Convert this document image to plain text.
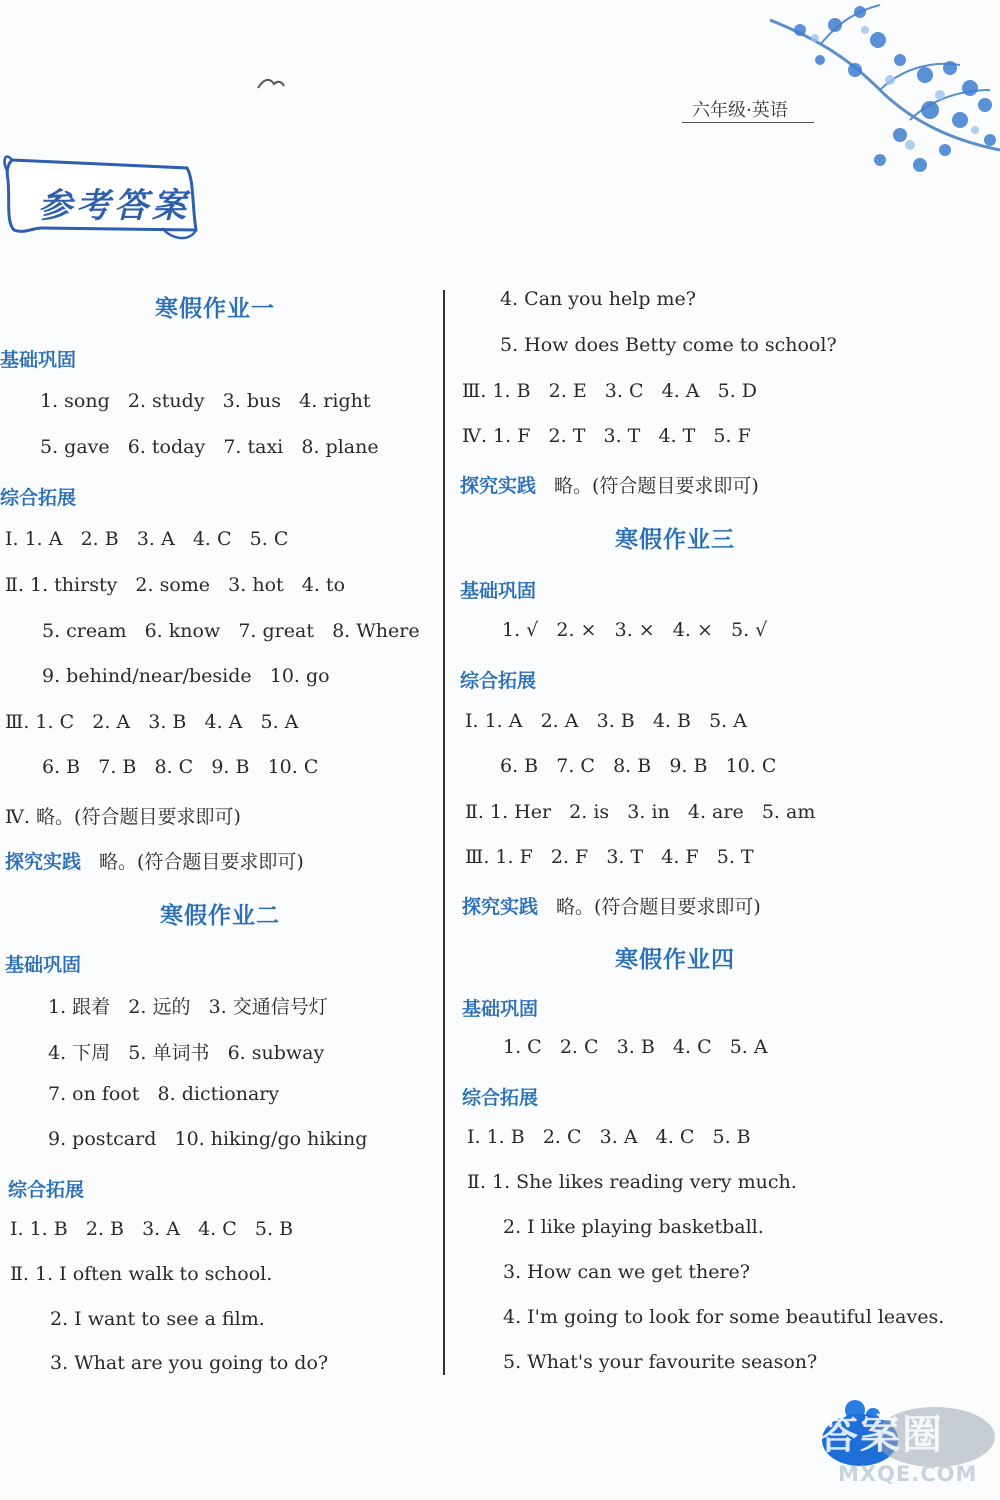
六年级·英语
参考答案
寒假作业一
基础巩固
1. song   2. study   3. bus   4. right
5. gave   6. today   7. taxi   8. plane
综合拓展
Ⅰ. 1. A   2. B   3. A   4. C   5. C
Ⅱ. 1. thirsty   2. some   3. hot   4. to
5. cream   6. know   7. great   8. Where
9. behind/near/beside   10. go
Ⅲ. 1. C   2. A   3. B   4. A   5. A
6. B   7. B   8. C   9. B   10. C
Ⅳ. 略。(符合题目要求即可)
探究实践 略。(符合题目要求即可)
寒假作业二
基础巩固
1. 跟着   2. 远的   3. 交通信号灯
4. 下周   5. 单词书   6. subway
7. on foot   8. dictionary
9. postcard   10. hiking/go hiking
综合拓展
Ⅰ. 1. B   2. B   3. A   4. C   5. B
Ⅱ. 1. I often walk to school.
2. I want to see a film.
3. What are you going to do?
4. Can you help me?
5. How does Betty come to school?
Ⅲ. 1. B   2. E   3. C   4. A   5. D
Ⅳ. 1. F   2. T   3. T   4. T   5. F
探究实践 略。(符合题目要求即可)
寒假作业三
基础巩固
1. √   2. ×   3. ×   4. ×   5. √
综合拓展
Ⅰ. 1. A   2. A   3. B   4. B   5. A
6. B   7. C   8. B   9. B   10. C
Ⅱ. 1. Her   2. is   3. in   4. are   5. am
Ⅲ. 1. F   2. F   3. T   4. F   5. T
探究实践 略。(符合题目要求即可)
寒假作业四
基础巩固
1. C   2. C   3. B   4. C   5. A
综合拓展
Ⅰ. 1. B   2. C   3. A   4. C   5. B
Ⅱ. 1. She likes reading very much.
2. I like playing basketball.
3. How can we get there?
4. I'm going to look for some beautiful leaves.
5. What's your favourite season?
答案圈
MXQE.COM
